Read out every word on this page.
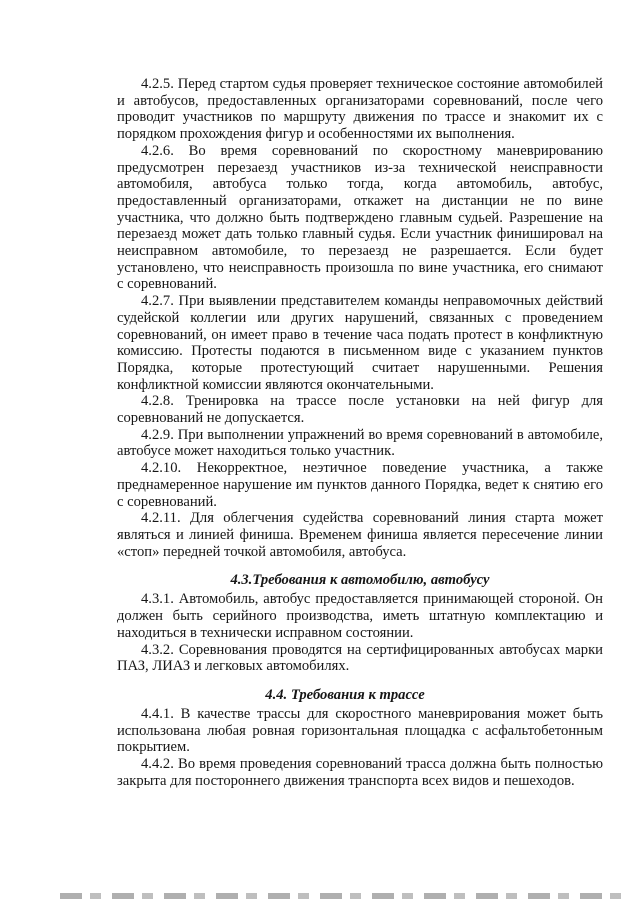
4.2.5. Перед стартом судья проверяет техническое состояние автомобилей и автобусов, предоставленных организаторами соревнований, после чего проводит участников по маршруту движения по трассе и знакомит их с порядком прохождения фигур и особенностями их выполнения.

4.2.6. Во время соревнований по скоростному маневрированию предусмотрен перезаезд участников из-за технической неисправности автомобиля, автобуса только тогда, когда автомобиль, автобус, предоставленный организаторами, откажет на дистанции не по вине участника, что должно быть подтверждено главным судьей. Разрешение на перезаезд может дать только главный судья. Если участник финишировал на неисправном автомобиле, то перезаезд не разрешается. Если будет установлено, что неисправность произошла по вине участника, его снимают с соревнований.

4.2.7. При выявлении представителем команды неправомочных действий судейской коллегии или других нарушений, связанных с проведением соревнований, он имеет право в течение часа подать протест в конфликтную комиссию. Протесты подаются в письменном виде с указанием пунктов Порядка, которые протестующий считает нарушенными. Решения конфликтной комиссии являются окончательными.

4.2.8. Тренировка на трассе после установки на ней фигур для соревнований не допускается.

4.2.9. При выполнении упражнений во время соревнований в автомобиле, автобусе может находиться только участник.

4.2.10. Некорректное, неэтичное поведение участника, а также преднамеренное нарушение им пунктов данного Порядка, ведет к снятию его с соревнований.

4.2.11. Для облегчения судейства соревнований линия старта может являться и линией финиша. Временем финиша является пересечение линии «стоп» передней точкой автомобиля, автобуса.

4.3.Требования к автомобилю, автобусу

4.3.1. Автомобиль, автобус предоставляется принимающей стороной. Он должен быть серийного производства, иметь штатную комплектацию и находиться в технически исправном состоянии.

4.3.2. Соревнования проводятся на сертифицированных автобусах марки ПАЗ, ЛИАЗ и легковых автомобилях.

4.4. Требования к трассе

4.4.1. В качестве трассы для скоростного маневрирования может быть использована любая ровная горизонтальная площадка с асфальтобетонным покрытием.

4.4.2. Во время проведения соревнований трасса должна быть полностью закрыта для постороннего движения транспорта всех видов и пешеходов.
